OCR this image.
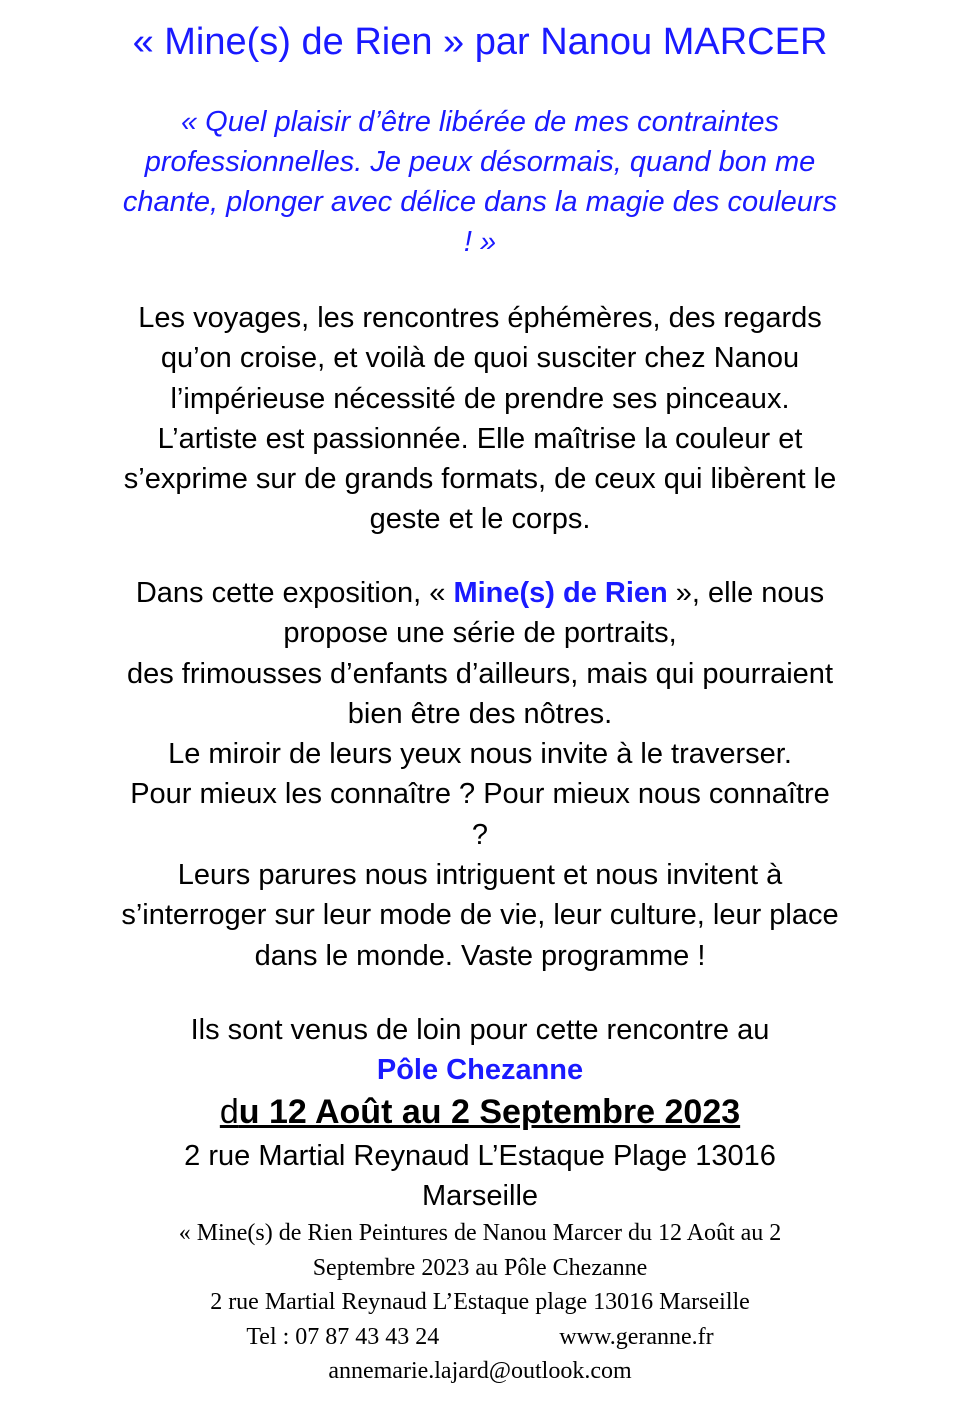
« Mine(s) de Rien » par Nanou MARCER
« Quel plaisir d’être libérée de mes contraintes
professionnelles. Je peux désormais, quand bon me
chante, plonger avec délice dans la magie des couleurs
! »
Les voyages, les rencontres éphémères, des regards
qu’on croise, et voilà de quoi susciter chez Nanou
l’impérieuse nécessité de prendre ses pinceaux.
L’artiste est passionnée. Elle maîtrise la couleur et
s’exprime sur de grands formats, de ceux qui libèrent le
geste et le corps.
Dans cette exposition, « Mine(s) de Rien », elle nous
propose une série de portraits,
des frimousses d’enfants d’ailleurs, mais qui pourraient
bien être des nôtres.
Le miroir de leurs yeux nous invite à le traverser.
Pour mieux les connaître ? Pour mieux nous connaître
?
Leurs parures nous intriguent et nous invitent à
s’interroger sur leur mode de vie, leur culture, leur place
dans le monde. Vaste programme !
Ils sont venus de loin pour cette rencontre au
Pôle Chezanne
du 12 Août au 2 Septembre 2023
2 rue Martial Reynaud L’Estaque Plage 13016
Marseille
« Mine(s) de Rien Peintures de Nanou Marcer du 12 Août au 2
Septembre 2023 au Pôle Chezanne
2 rue Martial Reynaud L’Estaque plage 13016 Marseille
Tel : 07 87 43 43 24	www.geranne.fr
annemarie.lajard@outlook.com
